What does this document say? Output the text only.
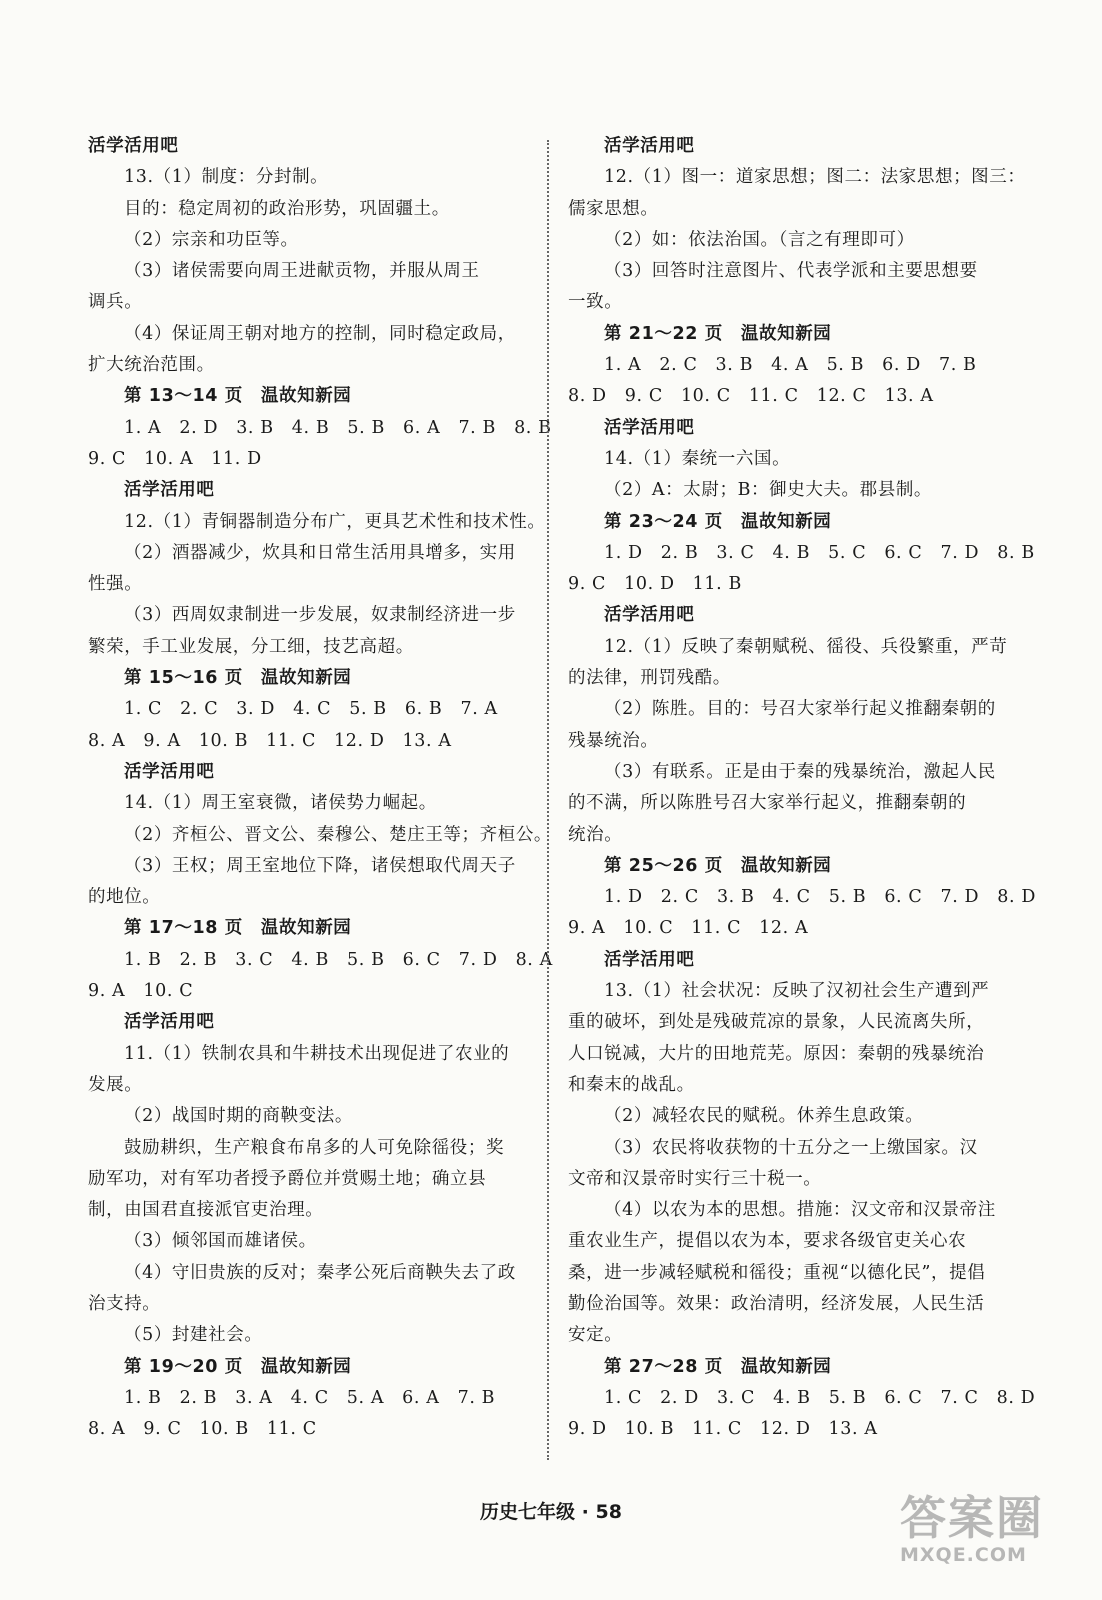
活学活用吧
13.（1）制度：分封制。
目的：稳定周初的政治形势，巩固疆土。
（2）宗亲和功臣等。
（3）诸侯需要向周王进献贡物，并服从周王
调兵。
（4）保证周王朝对地方的控制，同时稳定政局，
扩大统治范围。
第 13～14 页　温故知新园
1. A　2. D　3. B　4. B　5. B　6. A　7. B　8. B
9. C　10. A　11. D
活学活用吧
12.（1）青铜器制造分布广，更具艺术性和技术性。
（2）酒器减少，炊具和日常生活用具增多，实用
性强。
（3）西周奴隶制进一步发展，奴隶制经济进一步
繁荣，手工业发展，分工细，技艺高超。
第 15～16 页　温故知新园
1. C　2. C　3. D　4. C　5. B　6. B　7. A
8. A　9. A　10. B　11. C　12. D　13. A
活学活用吧
14.（1）周王室衰微，诸侯势力崛起。
（2）齐桓公、晋文公、秦穆公、楚庄王等；齐桓公。
（3）王权；周王室地位下降，诸侯想取代周天子
的地位。
第 17～18 页　温故知新园
1. B　2. B　3. C　4. B　5. B　6. C　7. D　8. A
9. A　10. C
活学活用吧
11.（1）铁制农具和牛耕技术出现促进了农业的
发展。
（2）战国时期的商鞅变法。
鼓励耕织，生产粮食布帛多的人可免除徭役；奖
励军功，对有军功者授予爵位并赏赐土地；确立县
制，由国君直接派官吏治理。
（3）倾邻国而雄诸侯。
（4）守旧贵族的反对；秦孝公死后商鞅失去了政
治支持。
（5）封建社会。
第 19～20 页　温故知新园
1. B　2. B　3. A　4. C　5. A　6. A　7. B
8. A　9. C　10. B　11. C
活学活用吧
12.（1）图一：道家思想；图二：法家思想；图三：
儒家思想。
（2）如：依法治国。（言之有理即可）
（3）回答时注意图片、代表学派和主要思想要
一致。
第 21～22 页　温故知新园
1. A　2. C　3. B　4. A　5. B　6. D　7. B
8. D　9. C　10. C　11. C　12. C　13. A
活学活用吧
14.（1）秦统一六国。
（2）A：太尉；B：御史大夫。郡县制。
第 23～24 页　温故知新园
1. D　2. B　3. C　4. B　5. C　6. C　7. D　8. B
9. C　10. D　11. B
活学活用吧
12.（1）反映了秦朝赋税、徭役、兵役繁重，严苛
的法律，刑罚残酷。
（2）陈胜。目的：号召大家举行起义推翻秦朝的
残暴统治。
（3）有联系。正是由于秦的残暴统治，激起人民
的不满，所以陈胜号召大家举行起义，推翻秦朝的
统治。
第 25～26 页　温故知新园
1. D　2. C　3. B　4. C　5. B　6. C　7. D　8. D
9. A　10. C　11. C　12. A
活学活用吧
13.（1）社会状况：反映了汉初社会生产遭到严
重的破坏，到处是残破荒凉的景象，人民流离失所，
人口锐减，大片的田地荒芜。原因：秦朝的残暴统治
和秦末的战乱。
（2）减轻农民的赋税。休养生息政策。
（3）农民将收获物的十五分之一上缴国家。汉
文帝和汉景帝时实行三十税一。
（4）以农为本的思想。措施：汉文帝和汉景帝注
重农业生产，提倡以农为本，要求各级官吏关心农
桑，进一步减轻赋税和徭役；重视“以德化民”，提倡
勤俭治国等。效果：政治清明，经济发展，人民生活
安定。
第 27～28 页　温故知新园
1. C　2. D　3. C　4. B　5. B　6. C　7. C　8. D
9. D　10. B　11. C　12. D　13. A
历史七年级 · 58	答案圈
MXQE.COM
